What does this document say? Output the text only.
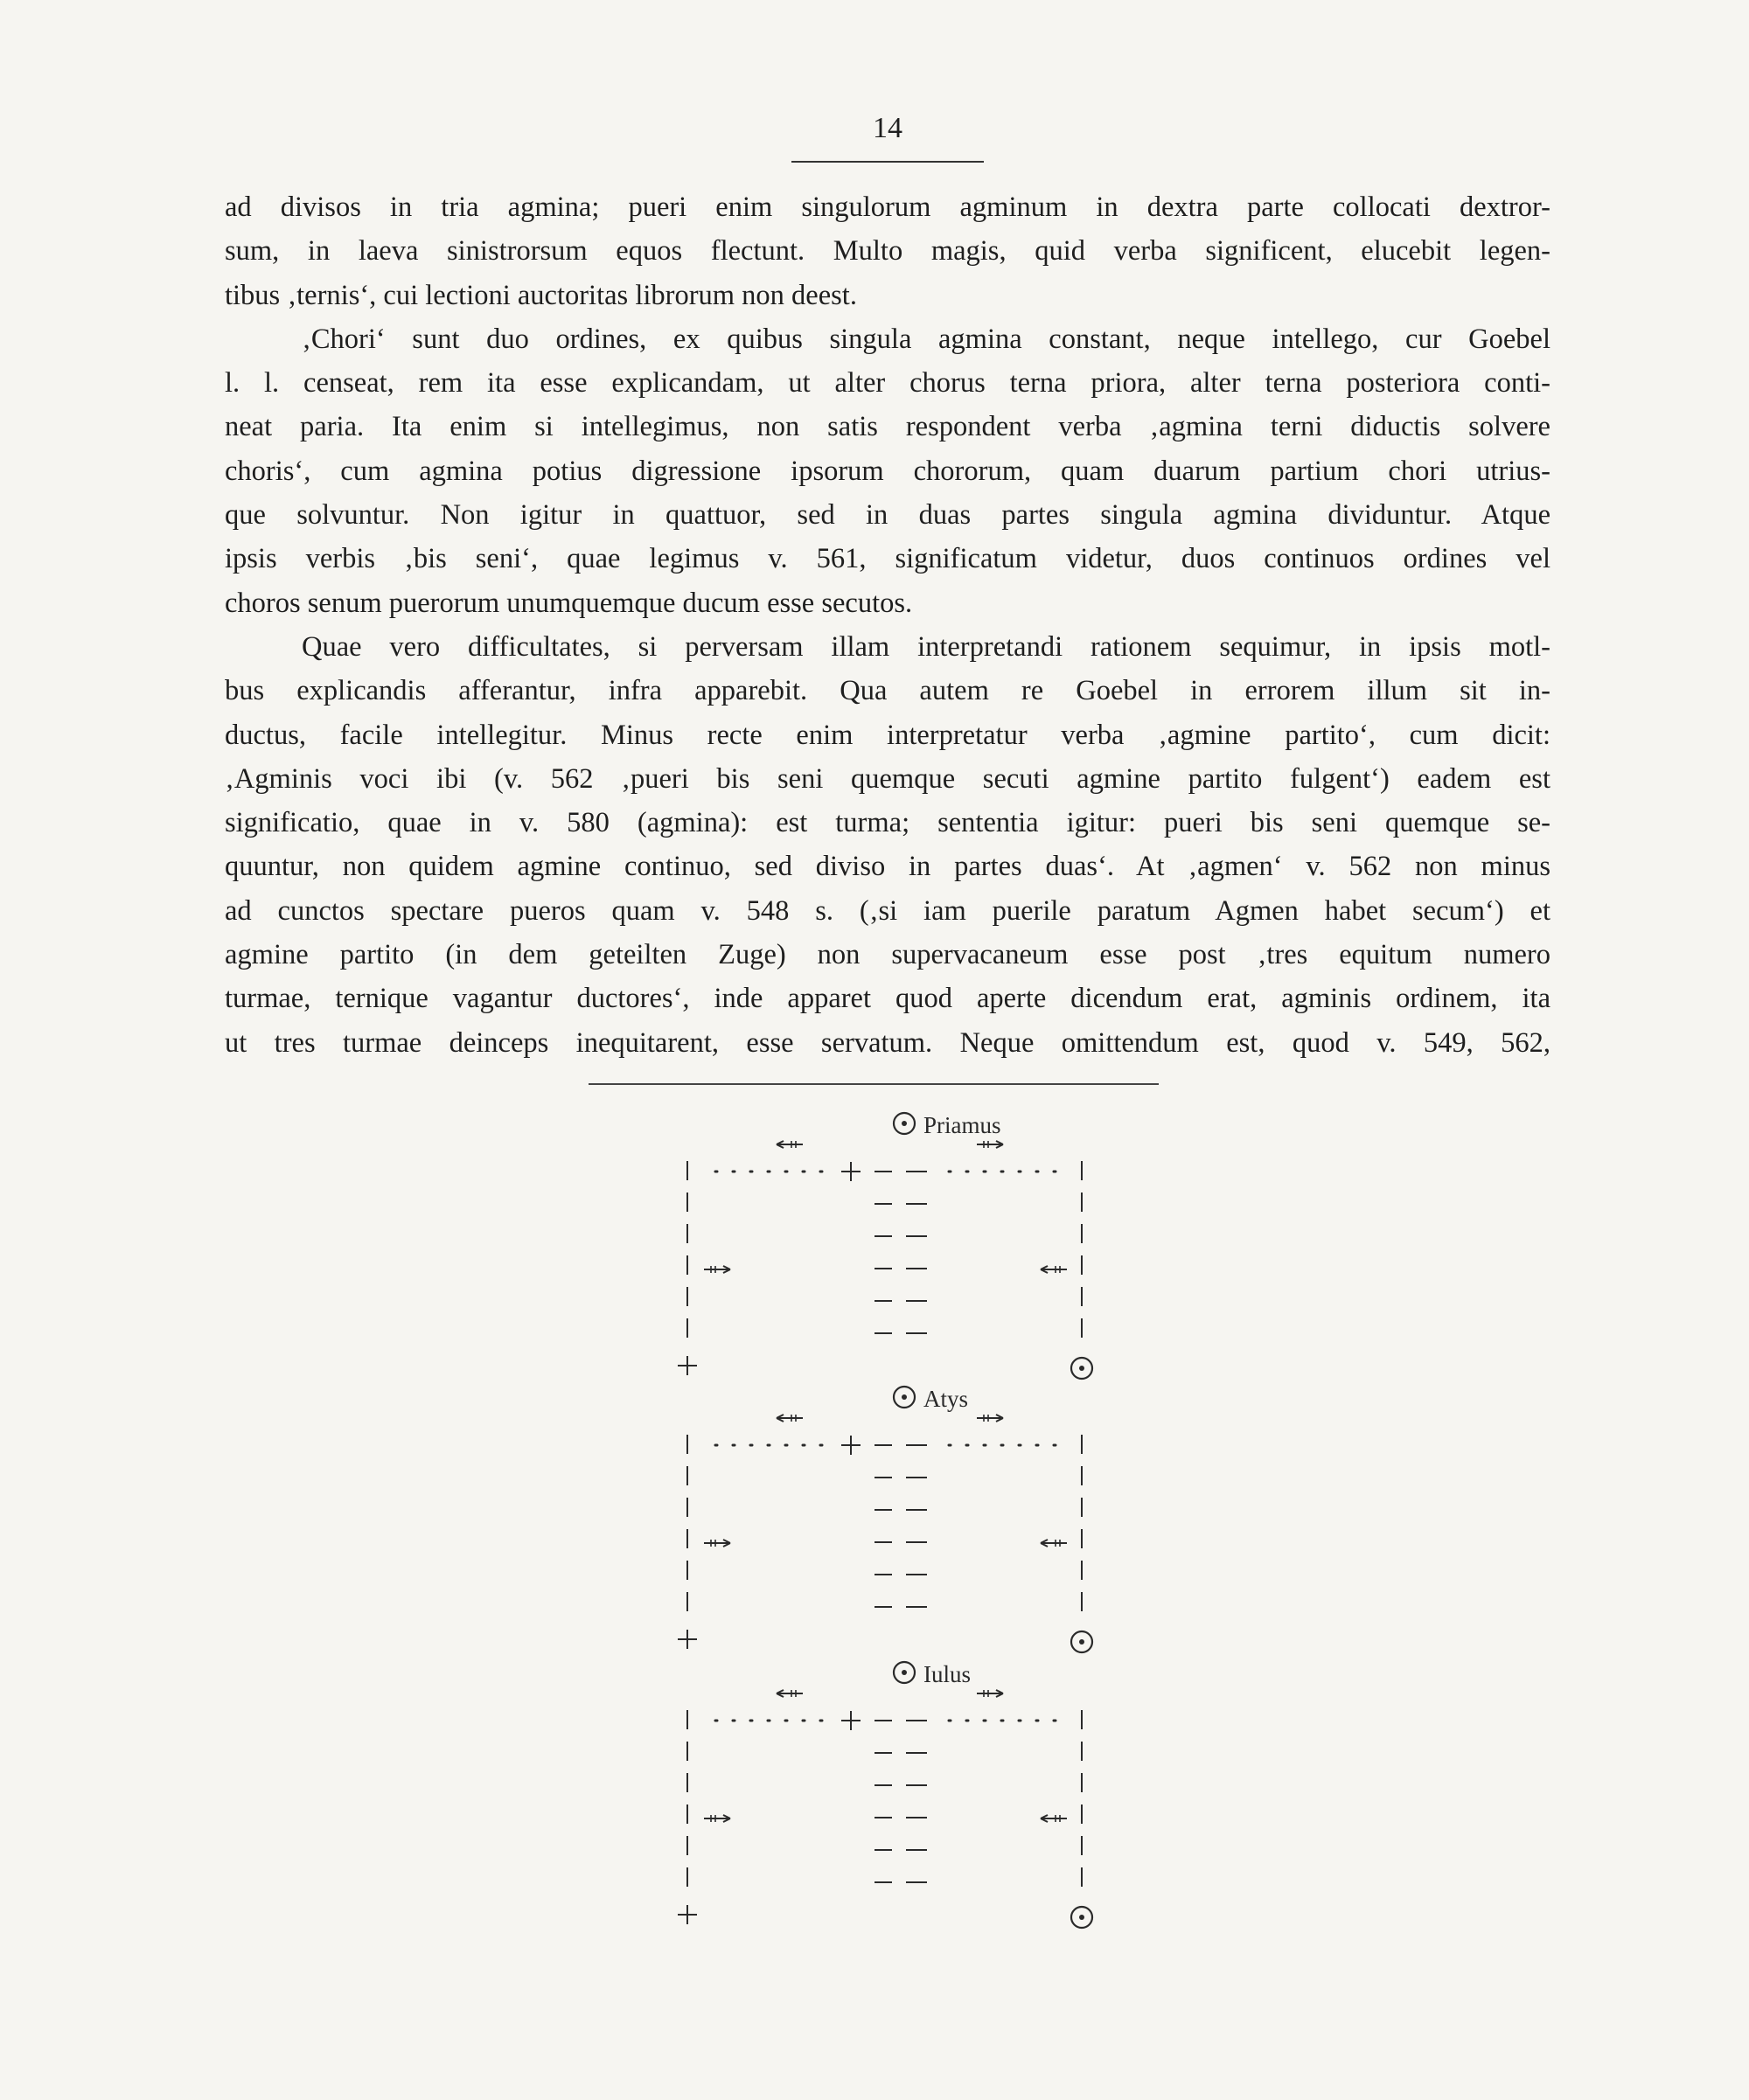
14
ad divisos in tria agmina; pueri enim singulorum agminum in dextra parte collocati dextror-
sum, in laeva sinistrorsum equos flectunt. Multo magis, quid verba significent, elucebit legen-
tibus ‚ternis‘, cui lectioni auctoritas librorum non deest.
‚Chori‘ sunt duo ordines, ex quibus singula agmina constant, neque intellego, cur Goebel
l. l. censeat, rem ita esse explicandam, ut alter chorus terna priora, alter terna posteriora conti-
neat paria. Ita enim si intellegimus, non satis respondent verba ‚agmina terni diductis solvere
choris‘, cum agmina potius digressione ipsorum chororum, quam duarum partium chori utrius-
que solvuntur. Non igitur in quattuor, sed in duas partes singula agmina dividuntur. Atque
ipsis verbis ‚bis seni‘, quae legimus v. 561, significatum videtur, duos continuos ordines vel
choros senum puerorum unumquemque ducum esse secutos.
Quae vero difficultates, si perversam illam interpretandi rationem sequimur, in ipsis motl-
bus explicandis afferantur, infra apparebit. Qua autem re Goebel in errorem illum sit in-
ductus, facile intellegitur. Minus recte enim interpretatur verba ‚agmine partito‘, cum dicit:
‚Agminis voci ibi (v. 562 ‚pueri bis seni quemque secuti agmine partito fulgent‘) eadem est
significatio, quae in v. 580 (agmina): est turma; sententia igitur: pueri bis seni quemque se-
quuntur, non quidem agmine continuo, sed diviso in partes duas‘. At ‚agmen‘ v. 562 non minus
ad cunctos spectare pueros quam v. 548 s. (‚si iam puerile paratum Agmen habet secum‘) et
agmine partito (in dem geteilten Zuge) non supervacaneum esse post ‚tres equitum numero
turmae, ternique vagantur ductores‘, inde apparet quod aperte dicendum erat, agminis ordinem, ita
ut tres turmae deinceps inequitarent, esse servatum. Neque omittendum est, quod v. 549, 562,
Priamus
Atys
Iulus
